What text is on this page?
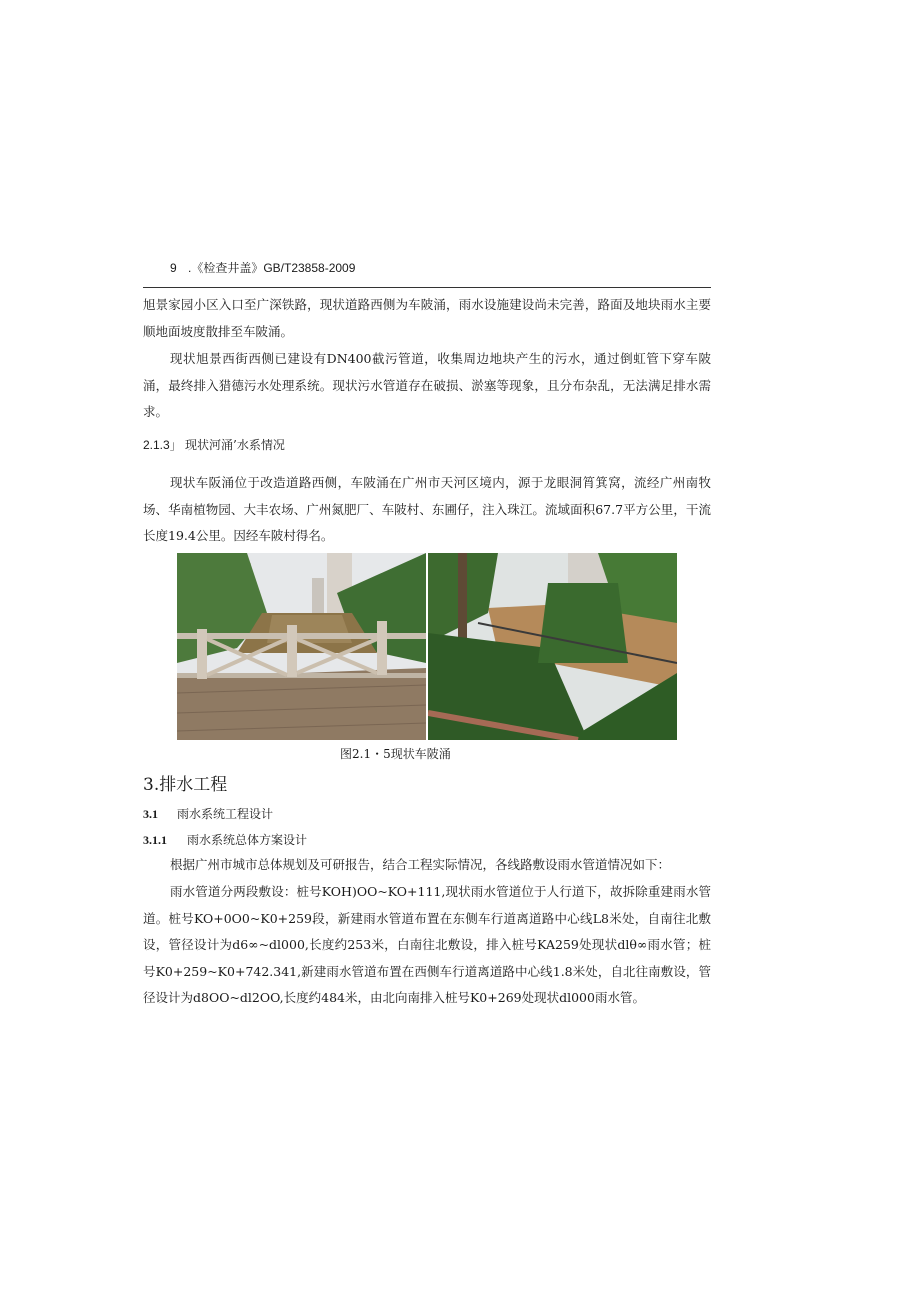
9 .《检查井盖》GB/T23858-2009

旭景家园小区入口至广深铁路，现状道路西侧为车陂涌，雨水设施建设尚未完善，路面及地块雨水主要顺地面坡度散排至车陂涌。

现状旭景西街西侧已建设有DN400截污管道，收集周边地块产生的污水，通过倒虹管下穿车陂涌，最终排入猎德污水处理系统。现状污水管道存在破损、淤塞等现象，且分布杂乱，无法满足排水需求。

2.1.3」 现状河涌’水系情况

现状车阪涌位于改造道路西侧，车陂涌在广州市天河区境内，源于龙眼洞筲箕窝，流经广州南牧场、华南植物园、大丰农场、广州氮肥厂、车陂村、东圃仔，注入珠江。流域面积67.7平方公里，干流长度19.4公里。因经车陂村得名。

图2.1・5现状车陂涌
3.排水工程
3.1 雨水系统工程设计
3.1.1 雨水系统总体方案设计

根据广州市城市总体规划及可研报告，结合工程实际情况，各线路敷设雨水管道情况如下：

雨水管道分两段敷设：桩号KOH)OO~KO+111,现状雨水管道位于人行道下，故拆除重建雨水管道。桩号KO+0O0~K0+259段，新建雨水管道布置在东侧车行道离道路中心线L8米处，自南往北敷设，管径设计为d6∞~dl000,长度约253米，白南往北敷设，排入桩号KA259处现状dlθ∞雨水管；桩号K0+259~K0+742.341,新建雨水管道布置在西侧车行道离道路中心线1.8米处，自北往南敷设，管径设计为d8OO~dl2OO,长度约484米，由北向南排入桩号K0+269处现状dl000雨水管。
